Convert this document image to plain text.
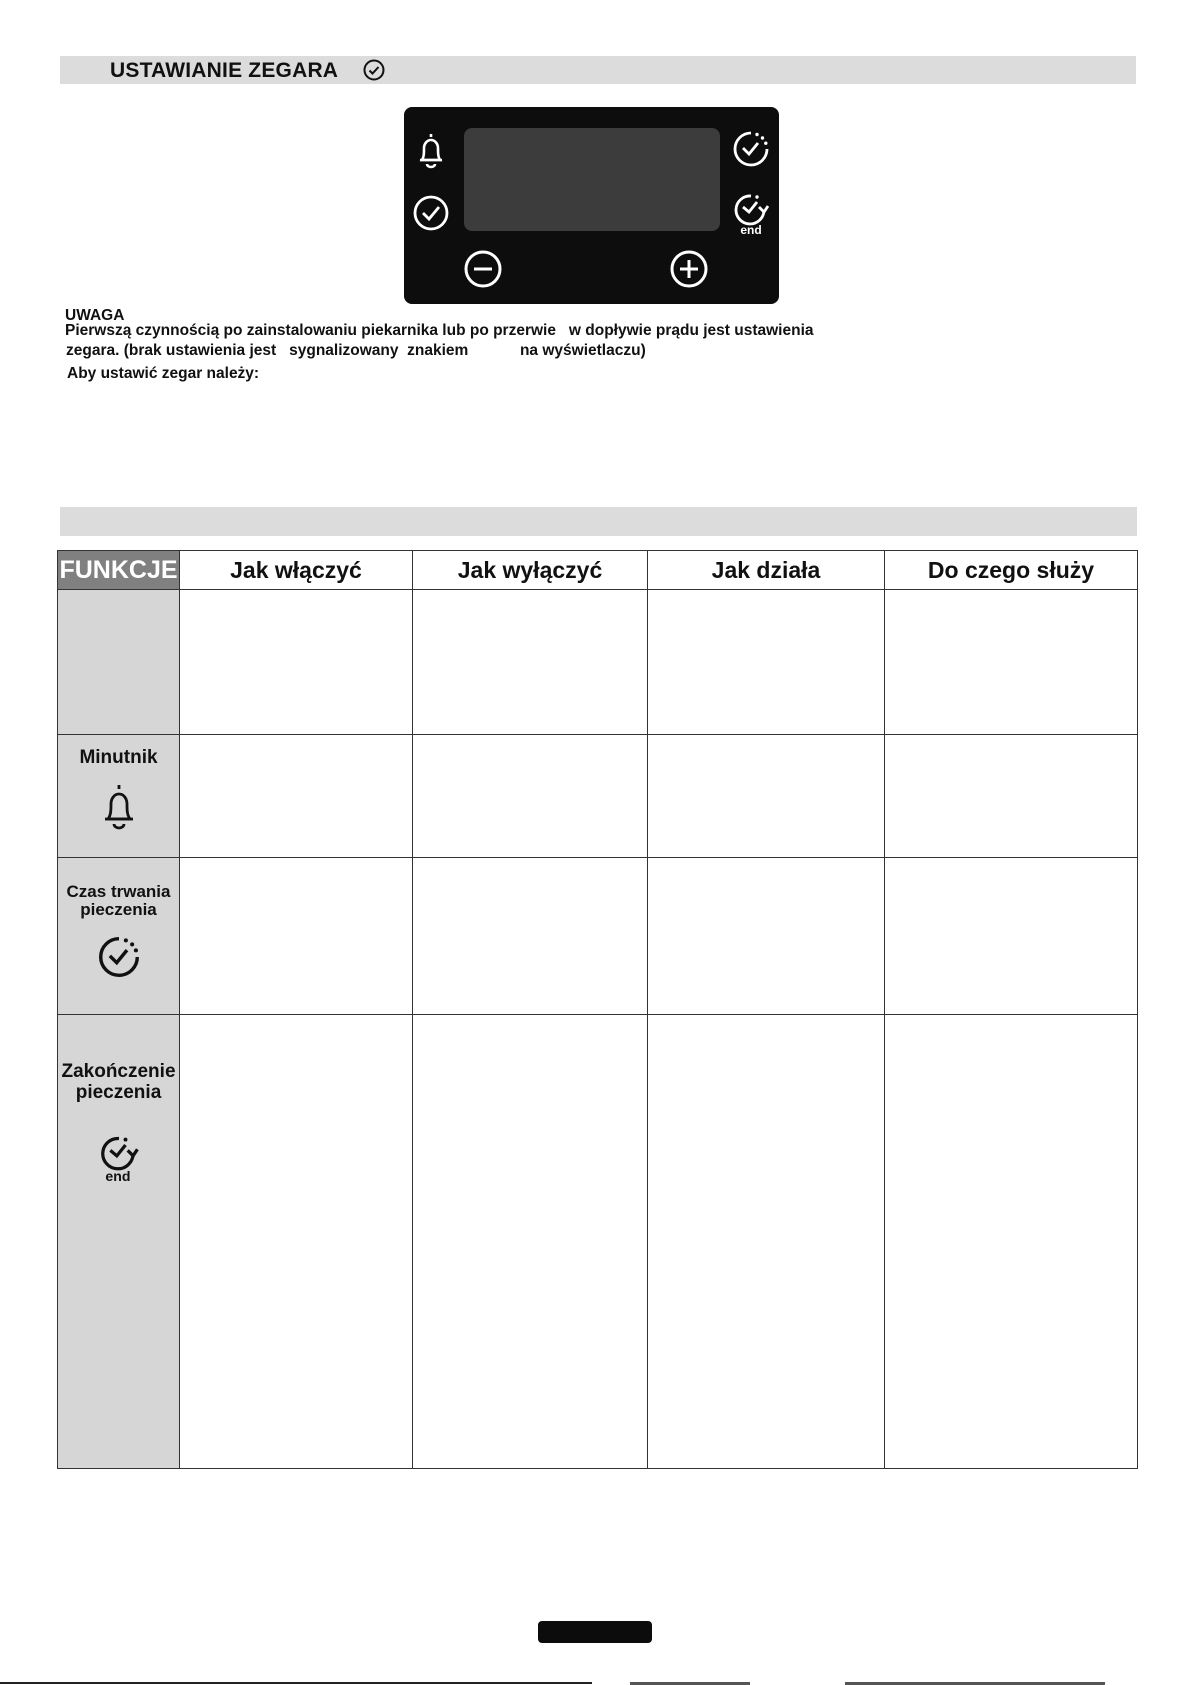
USTAWIANIE ZEGARA
end
UWAGA
Pierwszą czynnością po zainstalowaniu piekarnika lub po przerwie   w dopływie prądu jest ustawienia
zegara. (brak ustawienia jest   sygnalizowany  znakiem            na wyświetlaczu)
Aby ustawić zegar należy:
FUNKCJE	Jak włączyć	Jak wyłączyć	Jak działa	Do czego służy

Minutnik				

Czas trwania
pieczenia				

Zakończenie
pieczenia
end				
